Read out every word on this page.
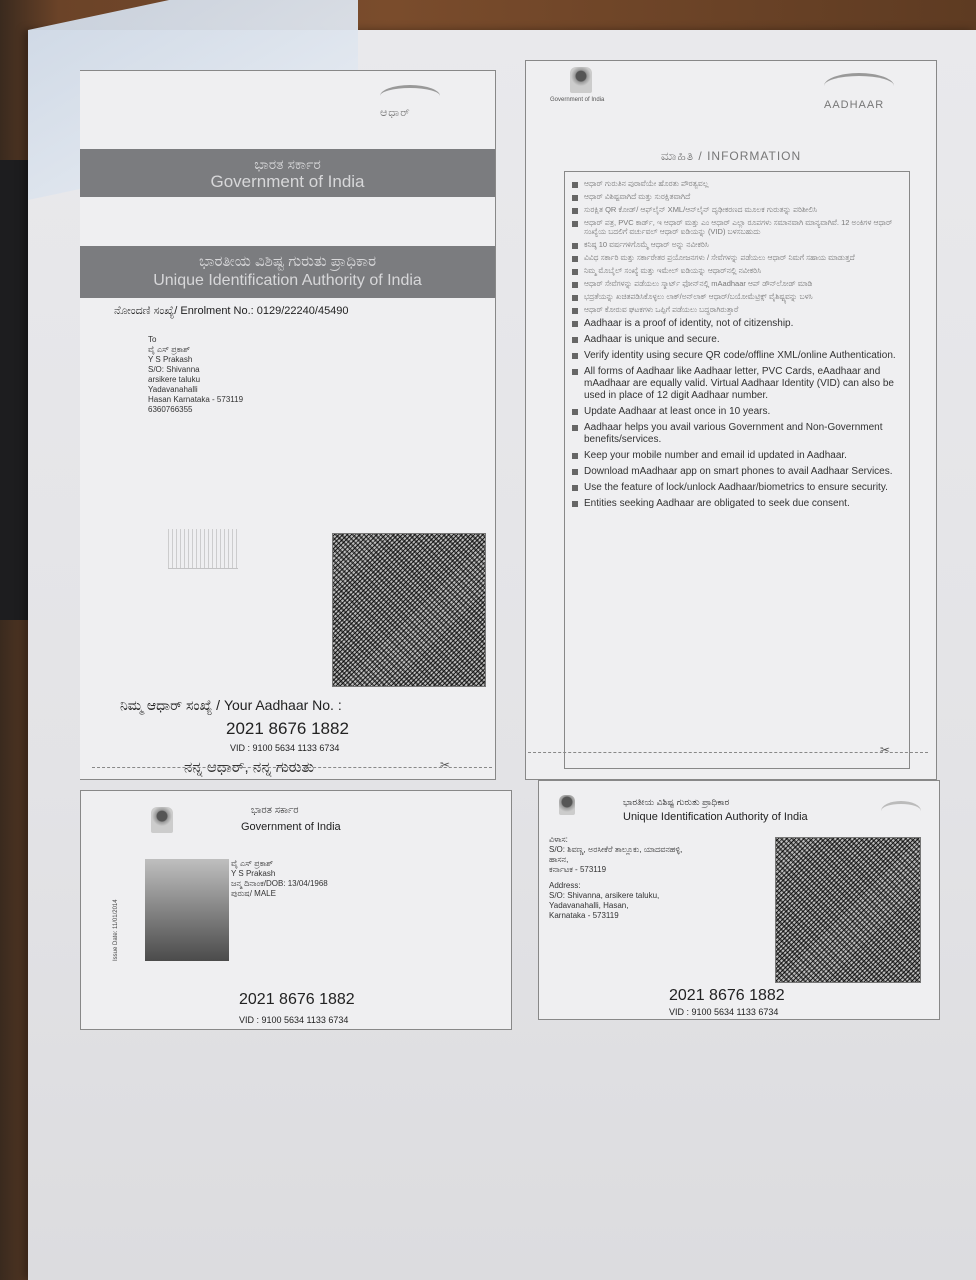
ಆಧಾರ್
ಭಾರತ ಸರ್ಕಾರ
Government of India
ಭಾರತೀಯ ವಿಶಿಷ್ಟ ಗುರುತು ಪ್ರಾಧಿಕಾರ
Unique Identification Authority of India
ನೋಂದಣಿ ಸಂಖ್ಯೆ/ Enrolment No.: 0129/22240/45490
To
ವೈ ಎಸ್ ಪ್ರಕಾಶ್
Y S Prakash
S/O: Shivanna
arsikere taluku
Yadavanahalli
Hasan Karnataka - 573119
6360766355
ನಿಮ್ಮ ಆಧಾರ್ ಸಂಖ್ಯೆ / Your Aadhaar No. :
2021 8676 1882
VID : 9100 5634 1133 6734
ನನ್ನ ಆಧಾರ್, ನನ್ನ ಗುರುತು
Government of India	AADHAAR
ಮಾಹಿತಿ / INFORMATION
ಆಧಾರ್ ಗುರುತಿನ ಪುರಾವೆಯೇ ಹೊರತು ಪೌರತ್ವವಲ್ಲ
ಆಧಾರ್ ವಿಶಿಷ್ಟವಾಗಿದೆ ಮತ್ತು ಸುರಕ್ಷಿತವಾಗಿದೆ
ಸುರಕ್ಷಿತ QR ಕೋಡ್/ ಆಫ್‌ಲೈನ್ XML/ಆನ್‌ಲೈನ್ ದೃಢೀಕರಣದ ಮೂಲಕ ಗುರುತನ್ನು ಪರಿಶೀಲಿಸಿ
ಆಧಾರ್ ಪತ್ರ, PVC ಕಾರ್ಡ್, ಇ ಆಧಾರ್ ಮತ್ತು ಎಂ ಆಧಾರ್ ಎಲ್ಲಾ ರೂಪಗಳು ಸಮಾನವಾಗಿ ಮಾನ್ಯವಾಗಿವೆ. 12 ಅಂಕಿಗಳ ಆಧಾರ್ ಸಂಖ್ಯೆಯ ಬದಲಿಗೆ ವರ್ಚುವಲ್ ಆಧಾರ್ ಐಡಿಯನ್ನು (VID) ಬಳಸಬಹುದು
ಕನಿಷ್ಠ 10 ವರ್ಷಗಳಿಗೊಮ್ಮೆ ಆಧಾರ್ ಅನ್ನು ನವೀಕರಿಸಿ
ವಿವಿಧ ಸರ್ಕಾರಿ ಮತ್ತು ಸರ್ಕಾರೇತರ ಪ್ರಯೋಜನಗಳು / ಸೇವೆಗಳನ್ನು ಪಡೆಯಲು ಆಧಾರ್ ನಿಮಗೆ ಸಹಾಯ ಮಾಡುತ್ತದೆ
ನಿಮ್ಮ ಮೊಬೈಲ್ ಸಂಖ್ಯೆ ಮತ್ತು ಇಮೇಲ್ ಐಡಿಯನ್ನು ಆಧಾರ್‌ನಲ್ಲಿ ನವೀಕರಿಸಿ
ಆಧಾರ್ ಸೇವೆಗಳನ್ನು ಪಡೆಯಲು ಸ್ಮಾರ್ಟ್ ಫೋನ್‌ನಲ್ಲಿ mAadhaar ಆಪ್ ಡೌನ್‌ಲೋಡ್ ಮಾಡಿ
ಭದ್ರತೆಯನ್ನು ಖಚಿತಪಡಿಸಿಕೊಳ್ಳಲು ಲಾಕ್/ಅನ್‌ಲಾಕ್ ಆಧಾರ್/ಬಯೋಮೆಟ್ರಿಕ್ಸ್ ವೈಶಿಷ್ಟ್ಯವನ್ನು ಬಳಸಿ
ಆಧಾರ್ ಕೋರುವ ಘಟಕಗಳು ಒಪ್ಪಿಗೆ ಪಡೆಯಲು ಬದ್ಧರಾಗಿರುತ್ತಾರೆ
Aadhaar is a proof of identity, not of citizenship.
Aadhaar is unique and secure.
Verify identity using secure QR code/offline XML/online Authentication.
All forms of Aadhaar like Aadhaar letter, PVC Cards, eAadhaar and mAadhaar are equally valid. Virtual Aadhaar Identity (VID) can also be used in place of 12 digit Aadhaar number.
Update Aadhaar at least once in 10 years.
Aadhaar helps you avail various Government and Non-Government benefits/services.
Keep your mobile number and email id updated in Aadhaar.
Download mAadhaar app on smart phones to avail Aadhaar Services.
Use the feature of lock/unlock Aadhaar/biometrics to ensure security.
Entities seeking Aadhaar are obligated to seek due consent.
✂
✂
ಭಾರತ ಸರ್ಕಾರ
Government of India
Issue Date: 11/01/2014
ವೈ ಎಸ್ ಪ್ರಕಾಶ್
Y S Prakash
ಜನ್ಮ ದಿನಾಂಕ/DOB: 13/04/1968
ಪುರುಷ/ MALE
2021 8676 1882
VID : 9100 5634 1133 6734
ಭಾರತೀಯ ವಿಶಿಷ್ಟ ಗುರುತು ಪ್ರಾಧಿಕಾರ
Unique Identification Authority of India
ವಿಳಾಸ:
S/O: ಶಿವಣ್ಣ, ಅರಸೀಕೆರೆ ತಾಲ್ಲೂಕು, ಯಾದವನಹಳ್ಳಿ,
ಹಾಸನ,
ಕರ್ನಾಟಕ - 573119
Address:
S/O: Shivanna, arsikere taluku,
Yadavanahalli, Hasan,
Karnataka - 573119
2021 8676 1882
VID : 9100 5634 1133 6734
